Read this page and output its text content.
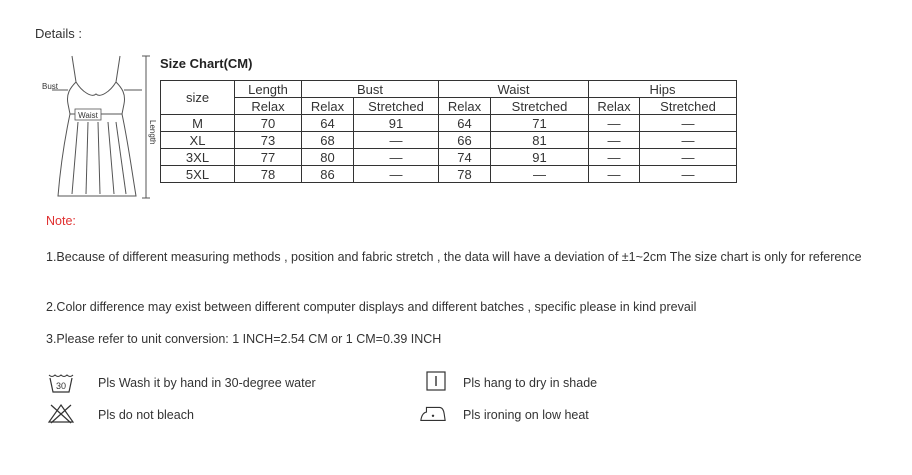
Details :
Waist
Bust
Length
Size Chart(CM)
size	Length	Bust		Waist		Hips	
	Relax	Relax	Stretched	Relax	Stretched	Relax	Stretched
M	70	64	91	64	71	—	—
XL	73	68	—	66	81	—	—
3XL	77	80	—	74	91	—	—
5XL	78	86	—	78	—	—	—
Note:
1.Because of different measuring methods , position and fabric stretch , the data will have a deviation of ±1~2cm The size chart is only for reference
2.Color difference may exist between different computer displays and different batches , specific please in kind prevail
3.Please refer to unit conversion: 1 INCH=2.54 CM or 1 CM=0.39 INCH
30	Pls Wash it by hand in 30-degree water
Pls do not bleach
Pls hang to dry in shade
Pls ironing on low heat
